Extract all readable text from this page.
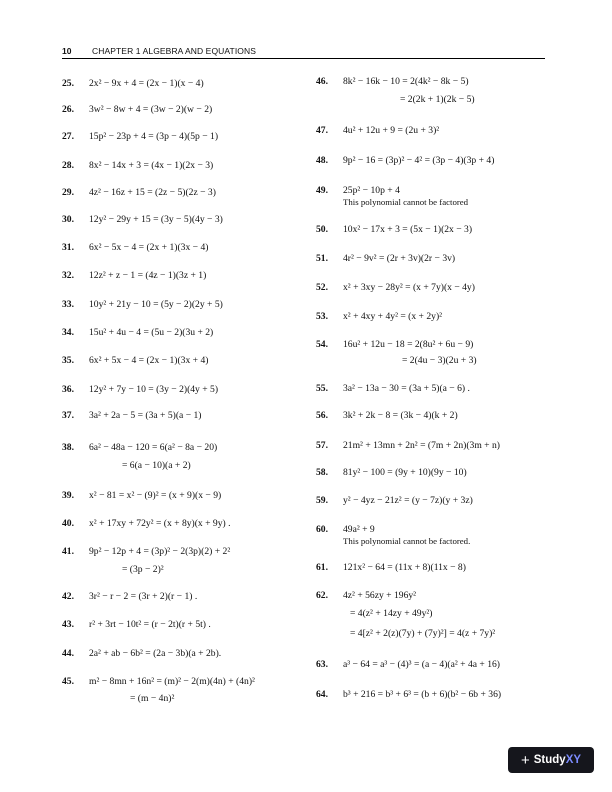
10 CHAPTER 1 ALGEBRA AND EQUATIONS
25. 2x² − 9x + 4 = (2x − 1)(x − 4)
26. 3w² − 8w + 4 = (3w − 2)(w − 2)
27. 15p² − 23p + 4 = (3p − 4)(5p − 1)
28. 8x² − 14x + 3 = (4x − 1)(2x − 3)
29. 4z² − 16z + 15 = (2z − 5)(2z − 3)
30. 12y² − 29y + 15 = (3y − 5)(4y − 3)
31. 6x² − 5x − 4 = (2x + 1)(3x − 4)
32. 12z² + z − 1 = (4z − 1)(3z + 1)
33. 10y² + 21y − 10 = (5y − 2)(2y + 5)
34. 15u² + 4u − 4 = (5u − 2)(3u + 2)
35. 6x² + 5x − 4 = (2x − 1)(3x + 4)
36. 12y² + 7y − 10 = (3y − 2)(4y + 5)
37. 3a² + 2a − 5 = (3a + 5)(a − 1)
38. 6a² − 48a − 120 = 6(a² − 8a − 20)
= 6(a − 10)(a + 2)
39. x² − 81 = x² − (9)² = (x + 9)(x − 9)
40. x² + 17xy + 72y² = (x + 8y)(x + 9y) .
41. 9p² − 12p + 4 = (3p)² − 2(3p)(2) + 2²
= (3p − 2)²
42. 3r² − r − 2 = (3r + 2)(r − 1) .
43. r² + 3rt − 10t² = (r − 2t)(r + 5t) .
44. 2a² + ab − 6b² = (2a − 3b)(a + 2b).
45. m² − 8mn + 16n² = (m)² − 2(m)(4n) + (4n)²
= (m − 4n)²
46. 8k² − 16k − 10 = 2(4k² − 8k − 5)
= 2(2k + 1)(2k − 5)
47. 4u² + 12u + 9 = (2u + 3)²
48. 9p² − 16 = (3p)² − 4² = (3p − 4)(3p + 4)
49. 25p² − 10p + 4
This polynomial cannot be factored
50. 10x² − 17x + 3 = (5x − 1)(2x − 3)
51. 4r² − 9v² = (2r + 3v)(2r − 3v)
52. x² + 3xy − 28y² = (x + 7y)(x − 4y)
53. x² + 4xy + 4y² = (x + 2y)²
54. 16u² + 12u − 18 = 2(8u² + 6u − 9)
= 2(4u − 3)(2u + 3)
55. 3a² − 13a − 30 = (3a + 5)(a − 6) .
56. 3k² + 2k − 8 = (3k − 4)(k + 2)
57. 21m² + 13mn + 2n² = (7m + 2n)(3m + n)
58. 81y² − 100 = (9y + 10)(9y − 10)
59. y² − 4yz − 21z² = (y − 7z)(y + 3z)
60. 49a² + 9
This polynomial cannot be factored.
61. 121x² − 64 = (11x + 8)(11x − 8)
62. 4z² + 56zy + 196y²
= 4(z² + 14zy + 49y²)
= 4[z² + 2(z)(7y) + (7y)²] = 4(z + 7y)²
63. a³ − 64 = a³ − (4)³ = (a − 4)(a² + 4a + 16)
64. b³ + 216 = b³ + 6³ = (b + 6)(b² − 6b + 36)
+ StudyXY
